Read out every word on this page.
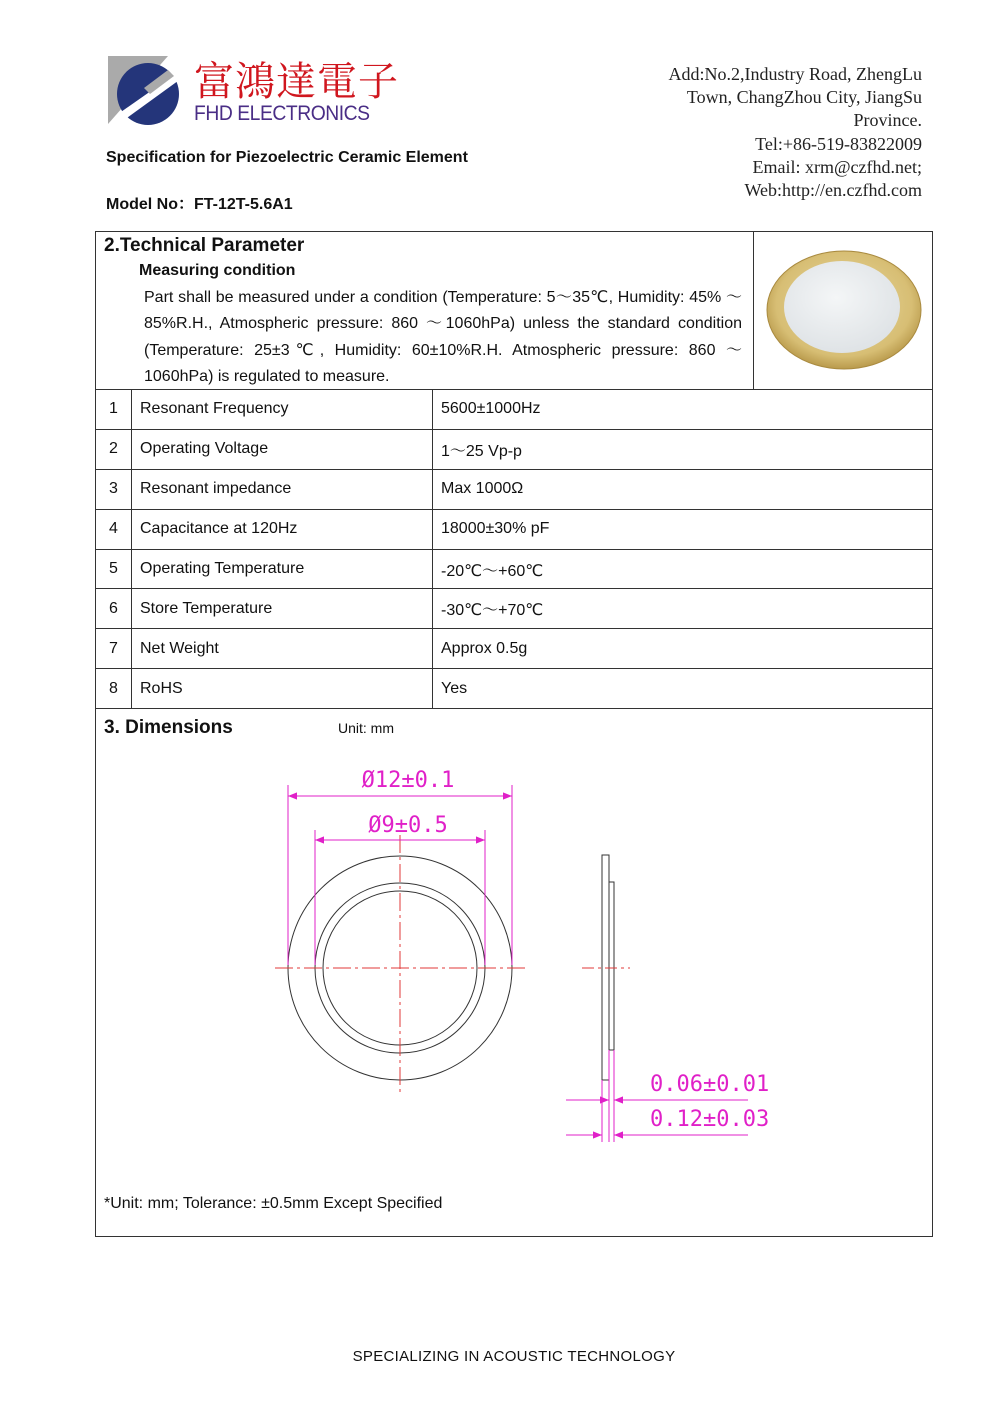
富鴻達電子
FHD ELECTRONICS
Add:No.2,Industry Road, ZhengLu
Town, ChangZhou City, JiangSu
Province.
Tel:+86-519-83822009
Email: xrm@czfhd.net;
Web:http://en.czfhd.com
Specification for Piezoelectric Ceramic Element
Model No：FT-12T-5.6A1
2.Technical Parameter
Measuring condition
Part shall be measured under a condition (Temperature: 5～35℃, Humidity: 45% ～ 85%R.H., Atmospheric pressure: 860 ～1060hPa) unless the standard condition (Temperature: 25±3℃, Humidity: 60±10%R.H. Atmospheric pressure: 860 ～1060hPa) is regulated to measure.
1	Resonant Frequency	5600±1000Hz
2	Operating Voltage	1～25 Vp-p
3	Resonant impedance	Max 1000Ω
4	Capacitance at 120Hz	18000±30% pF
5	Operating Temperature	-20℃～+60℃
6	Store Temperature	-30℃～+70℃
7	Net Weight	Approx 0.5g
8	RoHS	Yes
3. Dimensions	Unit: mm
Ø12±0.1
Ø9±0.5
0.06±0.01
0.12±0.03
*Unit: mm; Tolerance: ±0.5mm Except Specified
SPECIALIZING IN ACOUSTIC TECHNOLOGY
